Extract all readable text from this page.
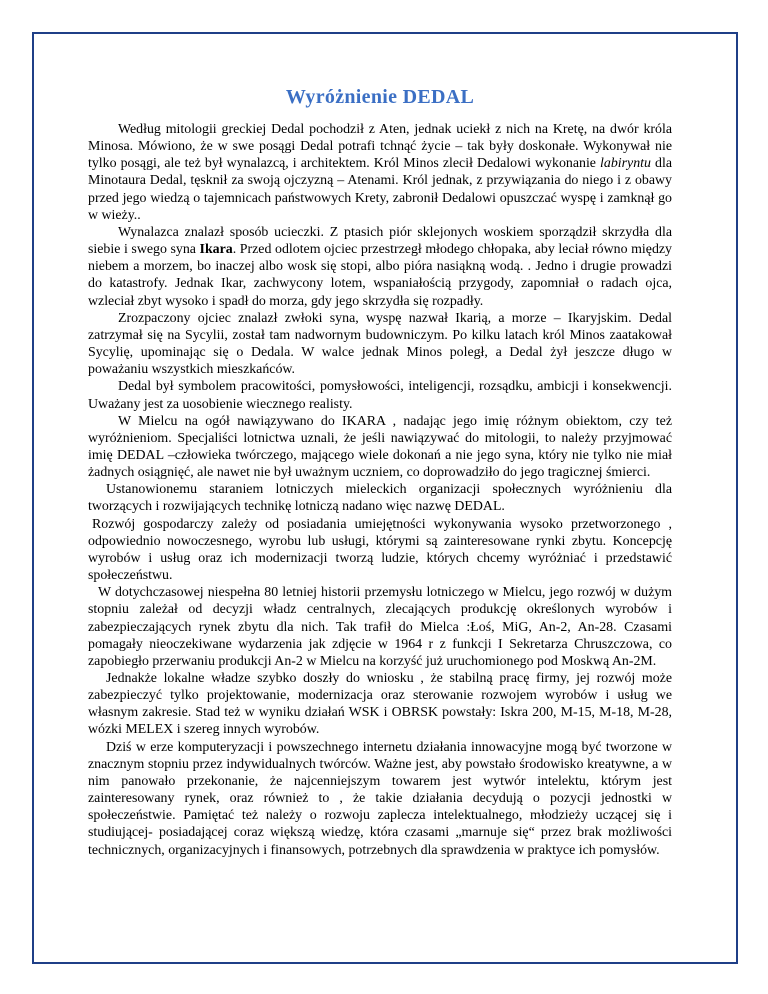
Wyróżnienie DEDAL

Według mitologii greckiej Dedal pochodził z Aten, jednak uciekł z nich na Kretę, na dwór króla Minosa. Mówiono, że w swe posągi Dedal potrafi tchnąć życie – tak były doskonałe. Wykonywał nie tylko posągi, ale też był wynalazcą, i architektem. Król Minos zlecił Dedalowi wykonanie labiryntu dla Minotaura Dedal, tęsknił za swoją ojczyzną – Atenami. Król jednak, z przywiązania do niego i z obawy przed jego wiedzą o tajemnicach państwowych Krety, zabronił Dedalowi opuszczać wyspę i zamknął go w wieży..

Wynalazca znalazł sposób ucieczki. Z ptasich piór sklejonych woskiem sporządził skrzydła dla siebie i swego syna Ikara. Przed odlotem ojciec przestrzegł młodego chłopaka, aby leciał równo między niebem a morzem, bo inaczej albo wosk się stopi, albo pióra nasiąkną wodą. . Jedno i drugie prowadzi do katastrofy. Jednak Ikar, zachwycony lotem, wspaniałością przygody, zapomniał o radach ojca, wzleciał zbyt wysoko i spadł do morza, gdy jego skrzydła się rozpadły.

Zrozpaczony ojciec znalazł zwłoki syna, wyspę nazwał Ikarią, a morze – Ikaryjskim. Dedal zatrzymał się na Sycylii, został tam nadwornym budowniczym. Po kilku latach król Minos zaatakował Sycylię, upominając się o Dedala. W walce jednak Minos poległ, a Dedal żył jeszcze długo w poważaniu wszystkich mieszkańców.

Dedal był symbolem pracowitości, pomysłowości, inteligencji, rozsądku, ambicji i konsekwencji. Uważany jest za uosobienie wiecznego realisty.

W Mielcu na ogół nawiązywano do IKARA , nadając jego imię różnym obiektom, czy też wyróżnieniom. Specjaliści lotnictwa uznali, że jeśli nawiązywać do mitologii, to należy przyjmować imię DEDAL –człowieka twórczego, mającego wiele dokonań a nie jego syna, który nie tylko nie miał żadnych osiągnięć, ale nawet nie był uważnym uczniem, co doprowadziło do jego tragicznej śmierci.

Ustanowionemu staraniem lotniczych mieleckich organizacji społecznych wyróżnieniu dla tworzących i rozwijających technikę lotniczą nadano więc nazwę DEDAL.

Rozwój gospodarczy zależy od posiadania umiejętności wykonywania wysoko przetworzonego , odpowiednio nowoczesnego, wyrobu lub usługi, którymi są zainteresowane rynki zbytu. Koncepcję wyrobów i usług oraz ich modernizacji tworzą ludzie, których chcemy wyróżniać i przedstawić społeczeństwu.

W dotychczasowej niespełna 80 letniej historii przemysłu lotniczego w Mielcu, jego rozwój w dużym stopniu zależał od decyzji władz centralnych, zlecających produkcję określonych wyrobów i zabezpieczających rynek zbytu dla nich. Tak trafił do Mielca :Łoś, MiG, An-2, An-28. Czasami pomagały nieoczekiwane wydarzenia jak zdjęcie w 1964 r z funkcji I Sekretarza Chruszczowa, co zapobiegło przerwaniu produkcji An-2 w Mielcu na korzyść już uruchomionego pod Moskwą An-2M.

Jednakże lokalne władze szybko doszły do wniosku , że stabilną pracę firmy, jej rozwój może zabezpieczyć tylko projektowanie, modernizacja oraz sterowanie rozwojem wyrobów i usług we własnym zakresie. Stad też w wyniku działań WSK i OBRSK powstały: Iskra 200, M-15, M-18, M-28, wózki MELEX i szereg innych wyrobów.

Dziś w erze komputeryzacji i powszechnego internetu działania innowacyjne mogą być tworzone w znacznym stopniu przez indywidualnych twórców. Ważne jest, aby powstało środowisko kreatywne, a w nim panowało przekonanie, że najcenniejszym towarem jest wytwór intelektu, którym jest zainteresowany rynek, oraz również to , że takie działania decydują o pozycji jednostki w społeczeństwie. Pamiętać też należy o rozwoju zaplecza intelektualnego, młodzieży uczącej się i studiującej- posiadającej coraz większą wiedzę, która czasami „marnuje się“ przez brak możliwości technicznych, organizacyjnych i finansowych, potrzebnych dla sprawdzenia w praktyce ich pomysłów.
